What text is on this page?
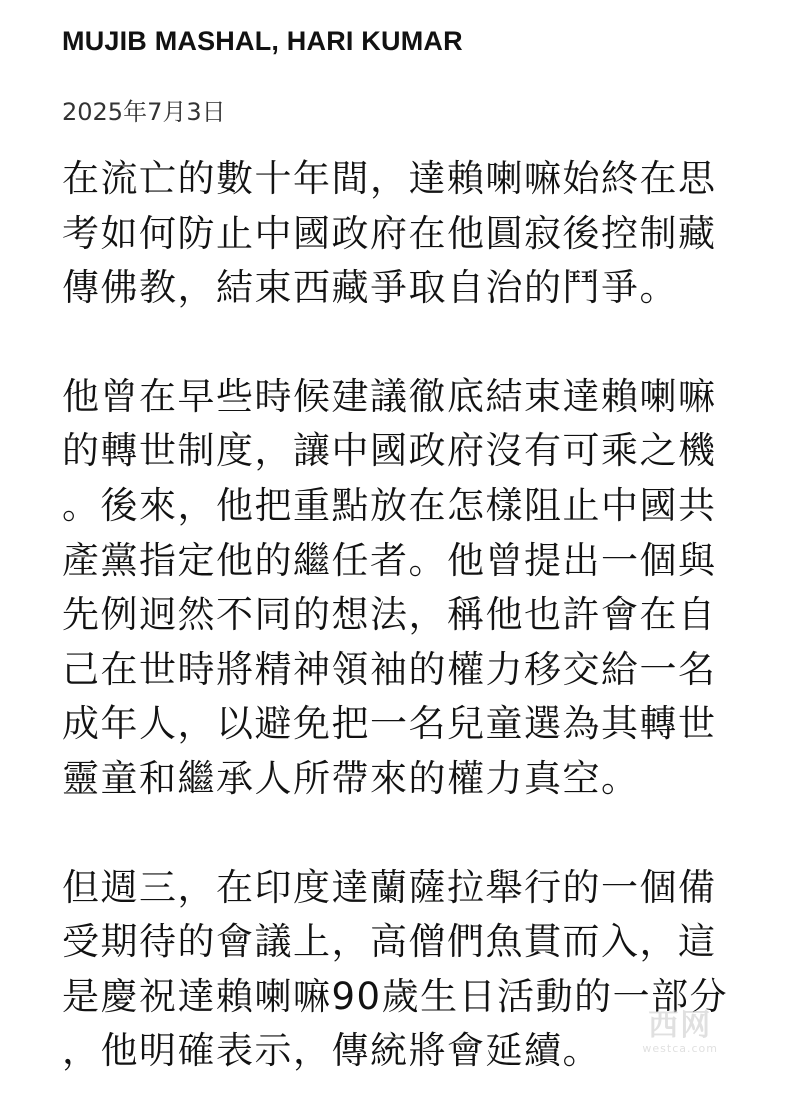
MUJIB MASHAL, HARI KUMAR
2025年7月3日

在流亡的數十年間，達賴喇嘛始終在思考如何防止中國政府在他圓寂後控制藏傳佛教，結束西藏爭取自治的鬥爭。

他曾在早些時候建議徹底結束達賴喇嘛的轉世制度，讓中國政府沒有可乘之機。後來，他把重點放在怎樣阻止中國共產黨指定他的繼任者。他曾提出一個與先例迥然不同的想法，稱他也許會在自己在世時將精神領袖的權力移交給一名成年人，以避免把一名兒童選為其轉世靈童和繼承人所帶來的權力真空。

但週三，在印度達蘭薩拉舉行的一個備受期待的會議上，高僧們魚貫而入，這是慶祝達賴喇嘛90歲生日活動的一部分，他明確表示，傳統將會延續。

西网
westca.com
